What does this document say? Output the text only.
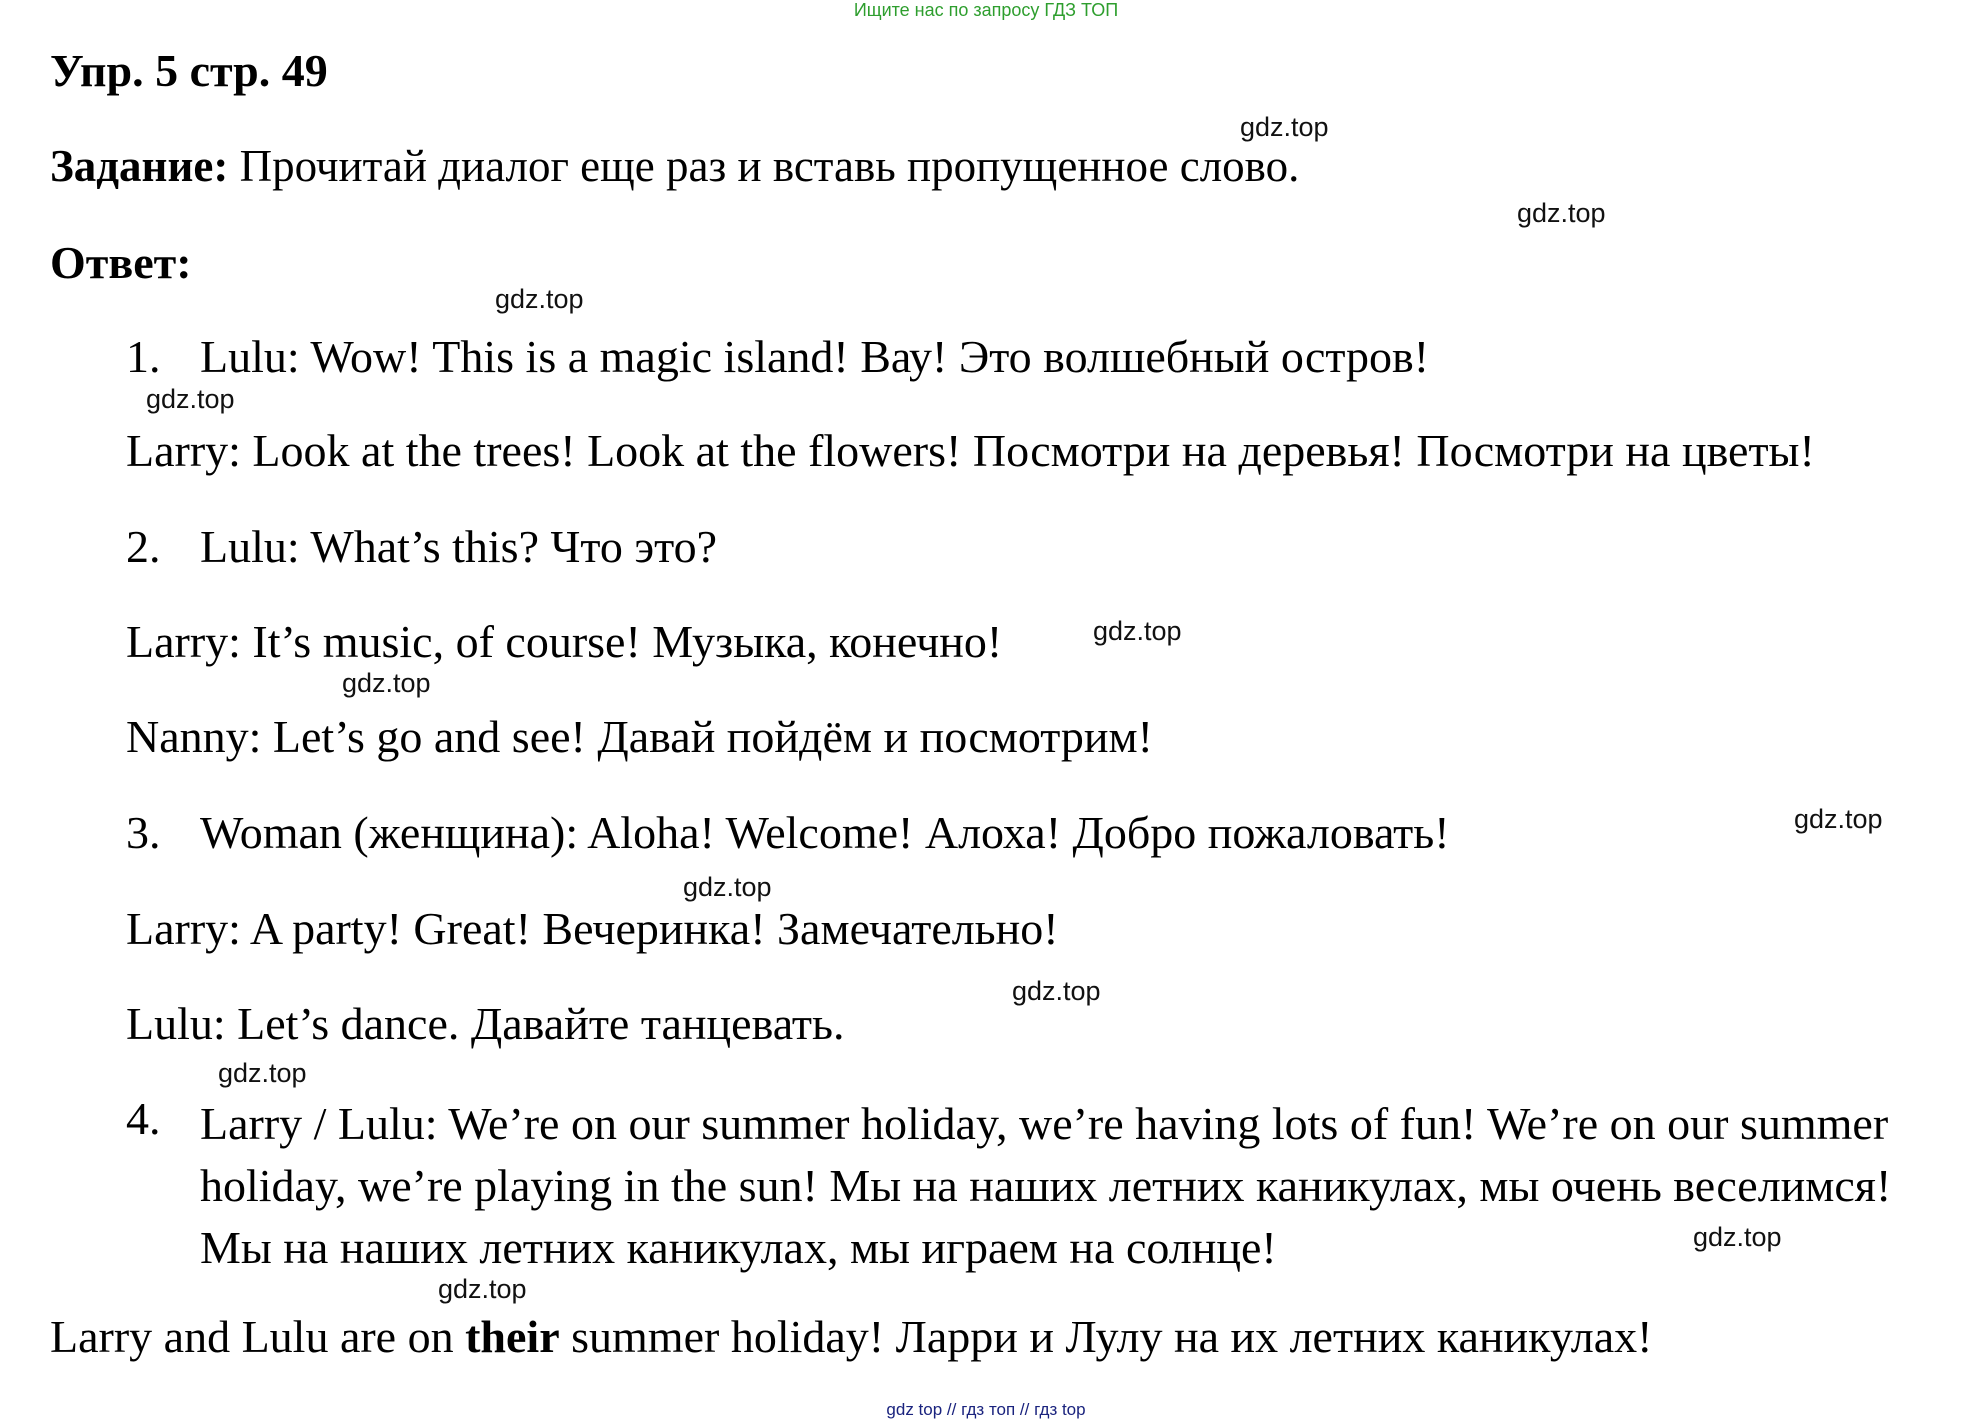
Ищите нас по запросу ГДЗ ТОП
Упр. 5 стр. 49
Задание: Прочитай диалог еще раз и вставь пропущенное слово.
Ответ:
1. Lulu: Wow! This is a magic island! Вау! Это волшебный остров!
Larry: Look at the trees! Look at the flowers! Посмотри на деревья! Посмотри на цветы!
2. Lulu: What’s this? Что это?
Larry: It’s music, of course! Музыка, конечно!
Nanny: Let’s go and see! Давай пойдём и посмотрим!
3. Woman (женщина): Aloha! Welcome! Алоха! Добро пожаловать!
Larry: A party! Great! Вечеринка! Замечательно!
Lulu: Let’s dance. Давайте танцевать.
4. Larry / Lulu: We’re on our summer holiday, we’re having lots of fun! We’re on our summer holiday, we’re playing in the sun! Мы на наших летних каникулах, мы очень веселимся! Мы на наших летних каникулах, мы играем на солнце!
Larry and Lulu are on their summer holiday! Ларри и Лулу на их летних каникулах!
gdz.top
gdz.top
gdz.top
gdz.top
gdz.top
gdz.top
gdz.top
gdz.top
gdz.top
gdz.top
gdz.top
gdz.top
gdz top // гдз топ // гдз top
